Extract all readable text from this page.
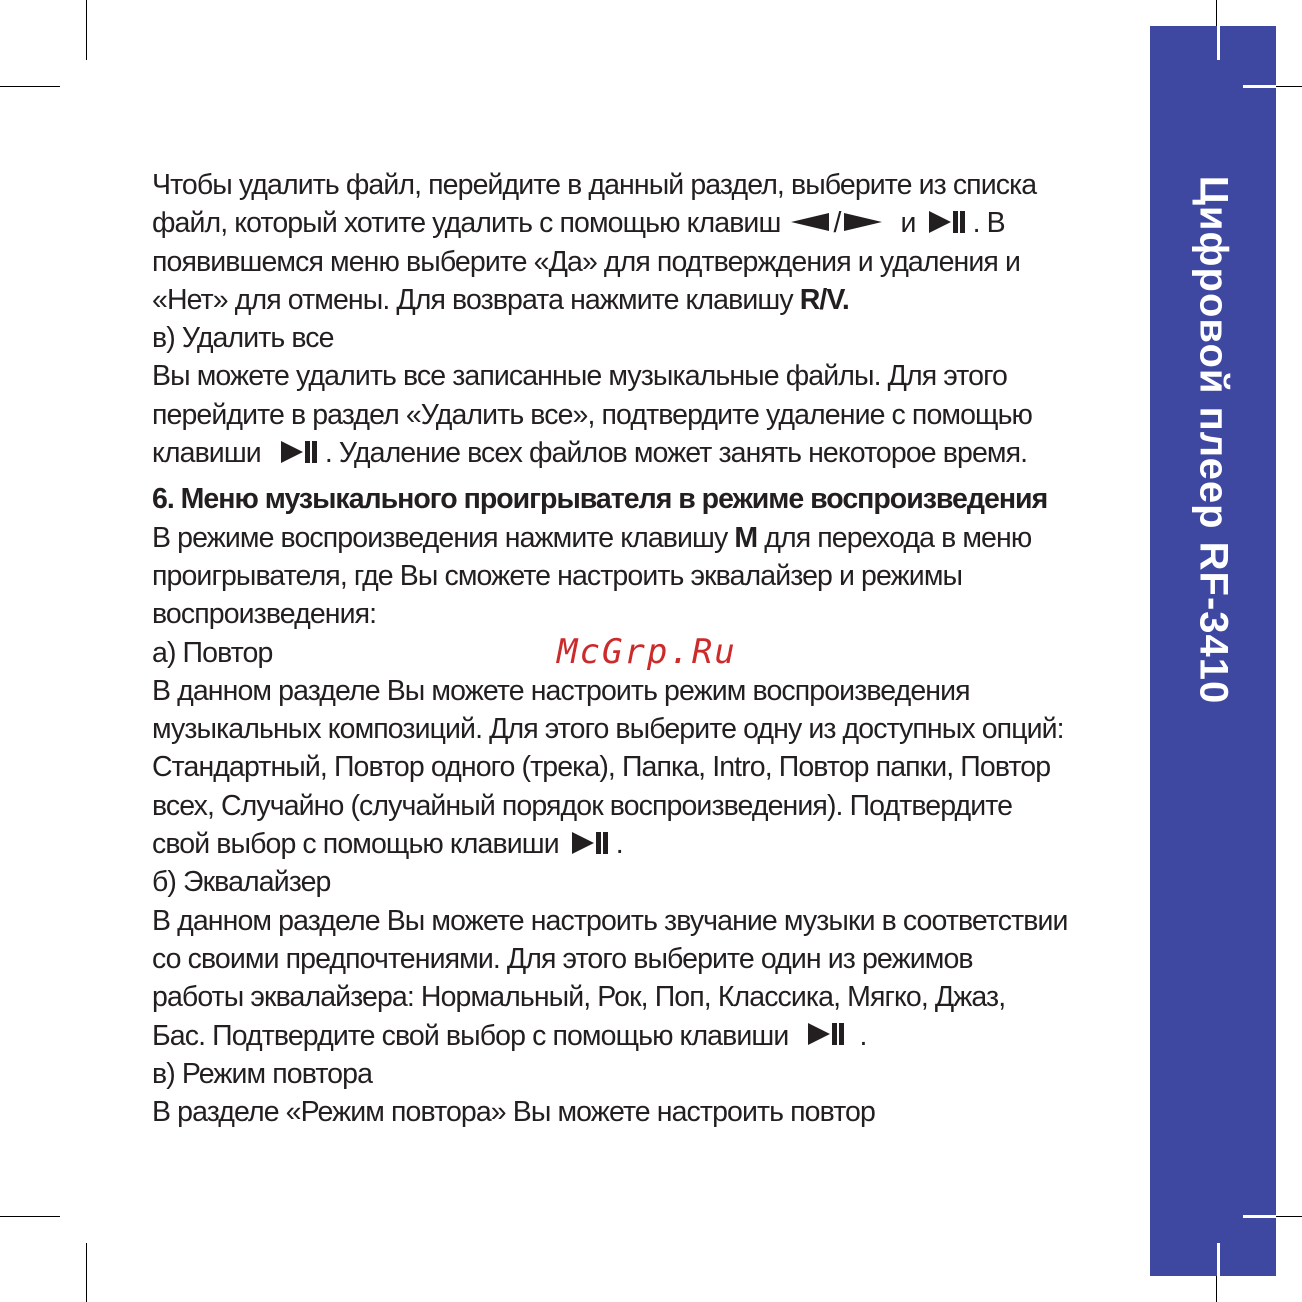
Цифровой плеер RF-3410
Чтобы удалить файл, перейдите в данный раздел, выберите из списка
файл, который хотите удалить с помощью клавиш / и . В
появившемся меню выберите «Да» для подтверждения и удаления и
«Нет» для отмены. Для возврата нажмите клавишу R/V.
в) Удалить все
Вы можете удалить все записанные музыкальные файлы. Для этого
перейдите в раздел «Удалить все», подтвердите удаление с помощью
клавиши . Удаление всех файлов может занять некоторое время.
6. Меню музыкального проигрывателя в режиме воспроизведения
В режиме воспроизведения нажмите клавишу M для перехода в меню
проигрывателя, где Вы сможете настроить эквалайзер и режимы
воспроизведения:
а) Повтор
В данном разделе Вы можете настроить режим воспроизведения
музыкальных композиций. Для этого выберите одну из доступных опций:
Стандартный, Повтор одного (трека), Папка, Intro, Повтор папки, Повтор
всех, Случайно (случайный порядок воспроизведения). Подтвердите
свой выбор с помощью клавиши .
б) Эквалайзер
В данном разделе Вы можете настроить звучание музыки в соответствии
со своими предпочтениями. Для этого выберите один из режимов
работы эквалайзера: Нормальный, Рок, Поп, Классика, Мягко, Джаз,
Бас. Подтвердите свой выбор с помощью клавиши .
в) Режим повтора
В разделе «Режим повтора» Вы можете настроить повтор
McGrp.Ru
